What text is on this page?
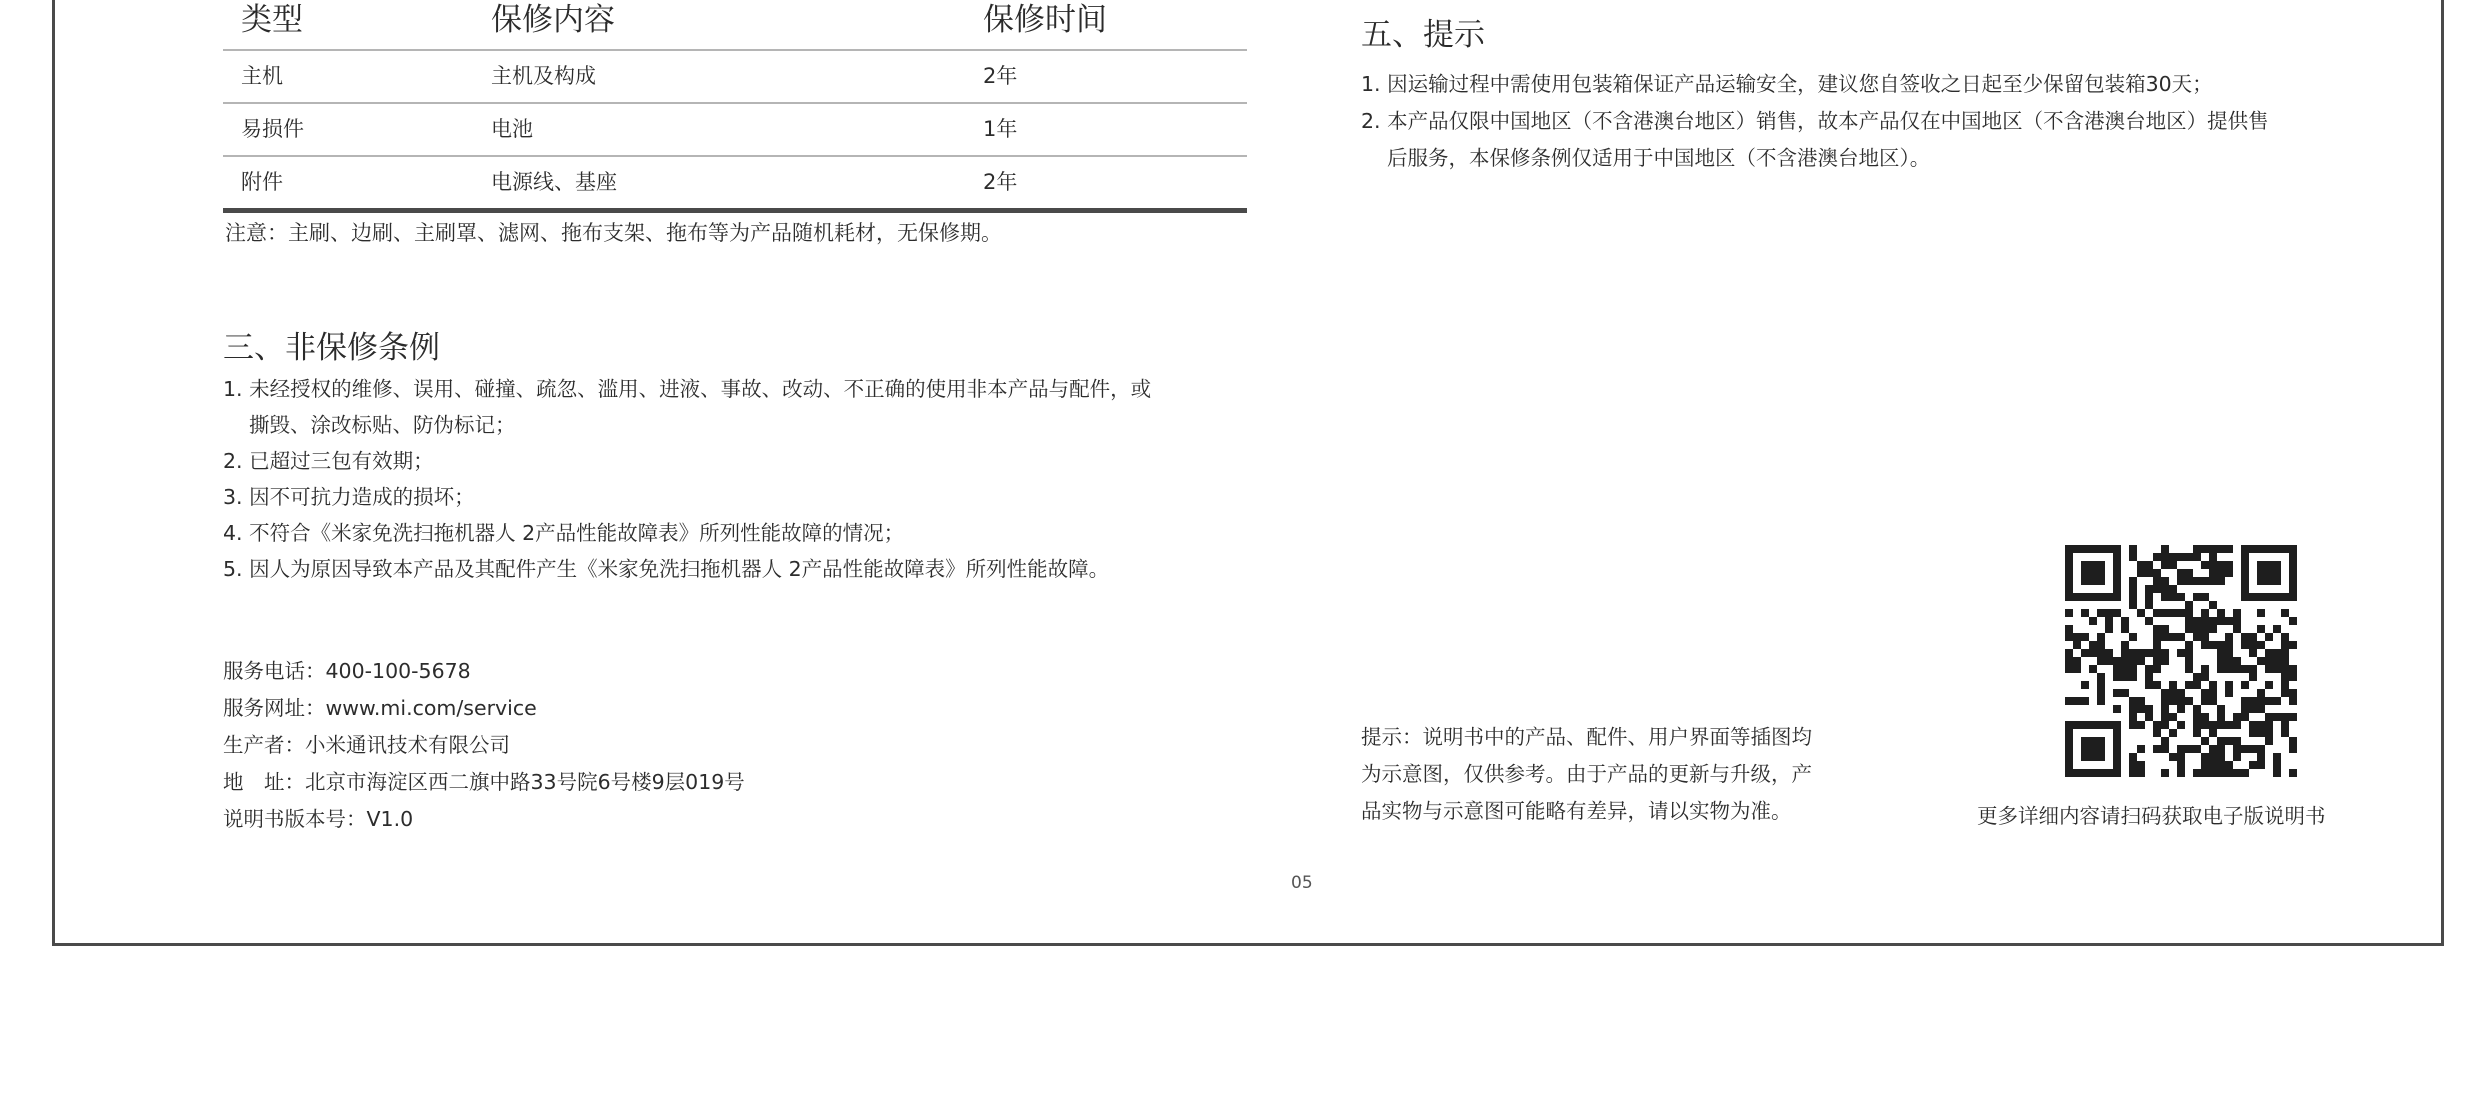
类型	保修内容	保修时间
主机	主机及构成	2年
易损件	电池	1年
附件	电源线、基座	2年
注意：主刷、边刷、主刷罩、滤网、拖布支架、拖布等为产品随机耗材，无保修期。
三、非保修条例
1. 未经授权的维修、误用、碰撞、疏忽、滥用、进液、事故、改动、不正确的使用非本产品与配件，或
撕毁、涂改标贴、防伪标记；
2. 已超过三包有效期；
3. 因不可抗力造成的损坏；
4. 不符合《米家免洗扫拖机器人 2产品性能故障表》所列性能故障的情况；
5. 因人为原因导致本产品及其配件产生《米家免洗扫拖机器人 2产品性能故障表》所列性能故障。
服务电话：400-100-5678
服务网址：www.mi.com/service
生产者：小米通讯技术有限公司
地　址：北京市海淀区西二旗中路33号院6号楼9层019号
说明书版本号：V1.0
五、提示
1. 因运输过程中需使用包装箱保证产品运输安全，建议您自签收之日起至少保留包装箱30天；
2. 本产品仅限中国地区（不含港澳台地区）销售，故本产品仅在中国地区（不含港澳台地区）提供售
后服务，本保修条例仅适用于中国地区（不含港澳台地区）。
提示：说明书中的产品、配件、用户界面等插图均
为示意图，仅供参考。由于产品的更新与升级，产
品实物与示意图可能略有差异，请以实物为准。	更多详细内容请扫码获取电子版说明书
05
